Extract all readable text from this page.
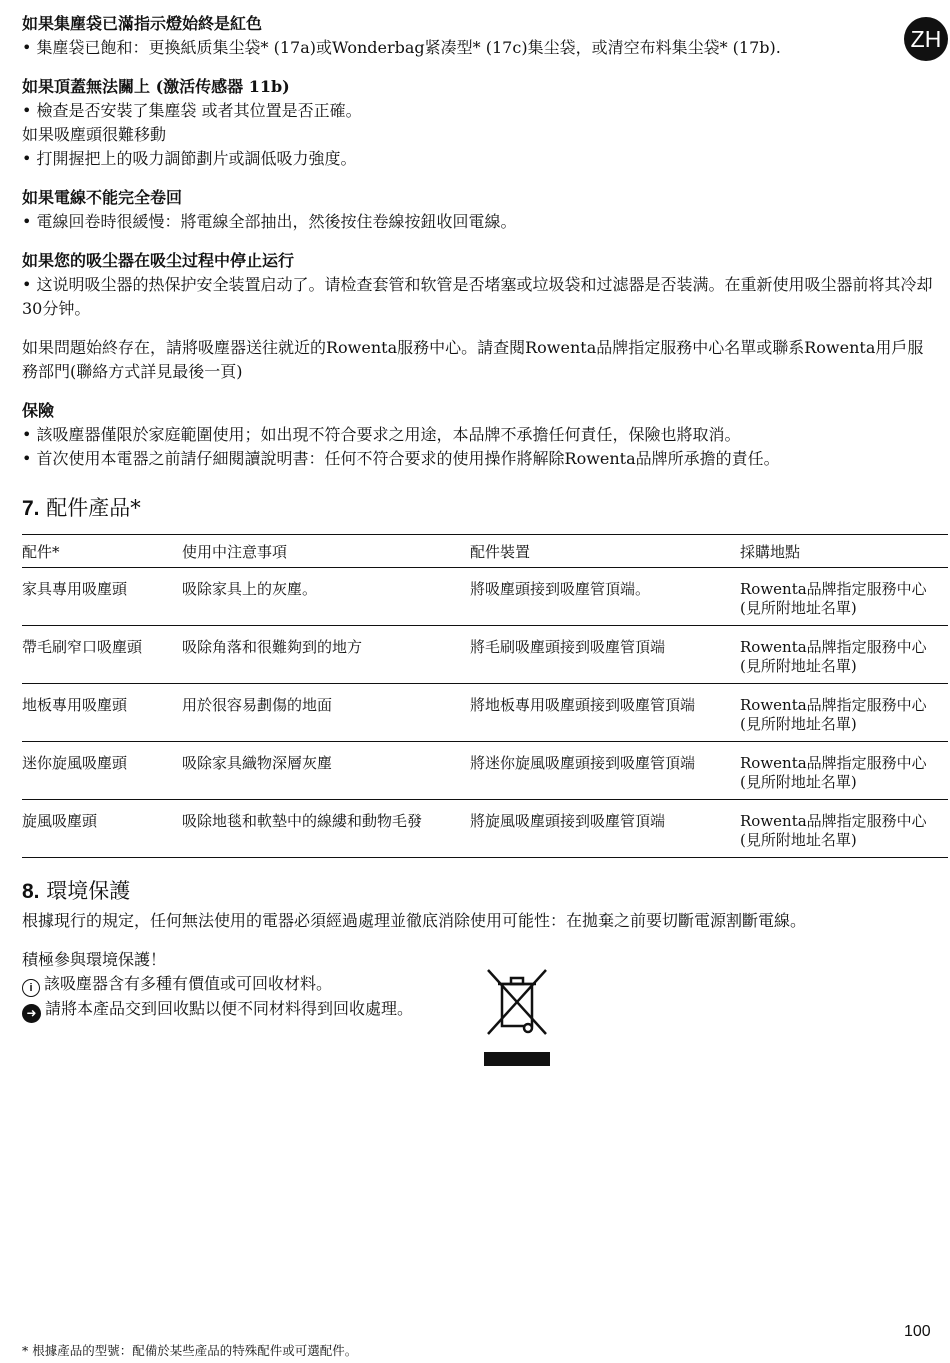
ZH
如果集塵袋已滿指示燈始終是紅色
• 集塵袋已飽和：更換紙质集尘袋* (17a)或Wonderbag紧凑型* (17c)集尘袋，或清空布料集尘袋* (17b).
如果頂蓋無法關上 (激活传感器 11b)
• 檢查是否安裝了集塵袋 或者其位置是否正確。
如果吸塵頭很難移動
• 打開握把上的吸力調節劃片或調低吸力強度。
如果電線不能完全卷回
• 電線回卷時很緩慢：將電線全部抽出，然後按住卷線按鈕收回電線。
如果您的吸尘器在吸尘过程中停止运行
• 这说明吸尘器的热保护安全装置启动了。请检查套管和软管是否堵塞或垃圾袋和过滤器是否装满。在重新使用吸尘器前将其冷却30分钟。
如果問題始終存在，請將吸塵器送往就近的Rowenta服務中心。請查閱Rowenta品牌指定服務中心名單或聯系Rowenta用戶服務部門(聯絡方式詳見最後一頁)
保險
• 該吸塵器僅限於家庭範圍使用；如出現不符合要求之用途，本品牌不承擔任何責任，保險也將取消。
• 首次使用本電器之前請仔細閱讀說明書：任何不符合要求的使用操作將解除Rowenta品牌所承擔的責任。
7. 配件產品*
配件*	使用中注意事項	配件裝置	採購地點
家具專用吸塵頭	吸除家具上的灰塵。	將吸塵頭接到吸塵管頂端。	Rowenta品牌指定服務中心
(見所附地址名單)

帶毛刷窄口吸塵頭	吸除角落和很難夠到的地方	將毛刷吸塵頭接到吸塵管頂端	Rowenta品牌指定服務中心
(見所附地址名單)

地板專用吸塵頭	用於很容易劃傷的地面	將地板專用吸塵頭接到吸塵管頂端	Rowenta品牌指定服務中心
(見所附地址名單)

迷你旋風吸塵頭	吸除家具織物深層灰塵	將迷你旋風吸塵頭接到吸塵管頂端	Rowenta品牌指定服務中心
(見所附地址名單)

旋風吸塵頭	吸除地毯和軟墊中的線縷和動物毛發	將旋風吸塵頭接到吸塵管頂端	Rowenta品牌指定服務中心
(見所附地址名單)
8. 環境保護
根據現行的規定，任何無法使用的電器必須經過處理並徹底消除使用可能性：在拋棄之前要切斷電源割斷電線。
積極參與環境保護！
i 該吸塵器含有多種有價值或可回收材料。
➜ 請將本產品交到回收點以便不同材料得到回收處理。
100
* 根據產品的型號：配備於某些產品的特殊配件或可選配件。
